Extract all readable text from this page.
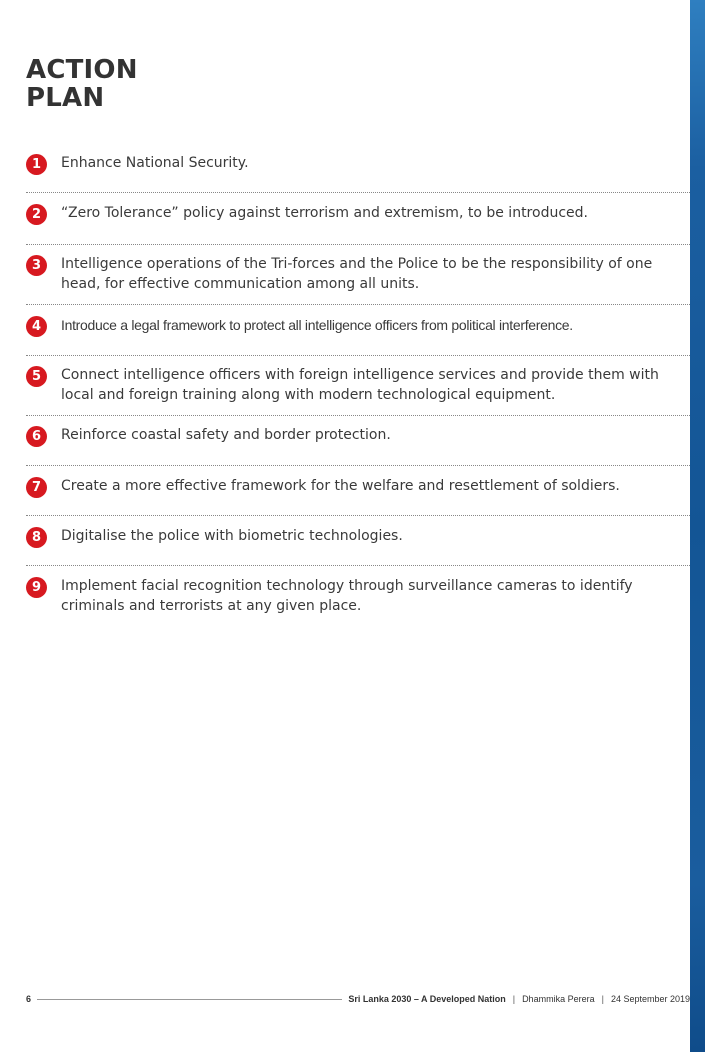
ACTION
PLAN
1	Enhance National Security.
2	“Zero Tolerance” policy against terrorism and extremism, to be introduced.
3	Intelligence operations of the Tri-forces and the Police to be the responsibility of one head, for effective communication among all units.
4	Introduce a legal framework to protect all intelligence officers from political interference.
5	Connect intelligence officers with foreign intelligence services and provide them with local and foreign training along with modern technological equipment.
6	Reinforce coastal safety and border protection.
7	Create a more effective framework for the welfare and resettlement of soldiers.
8	Digitalise the police with biometric technologies.
9	Implement facial recognition technology through surveillance cameras to identify criminals and terrorists at any given place.
6	Sri Lanka 2030 – A Developed Nation | Dhammika Perera | 24 September 2019
